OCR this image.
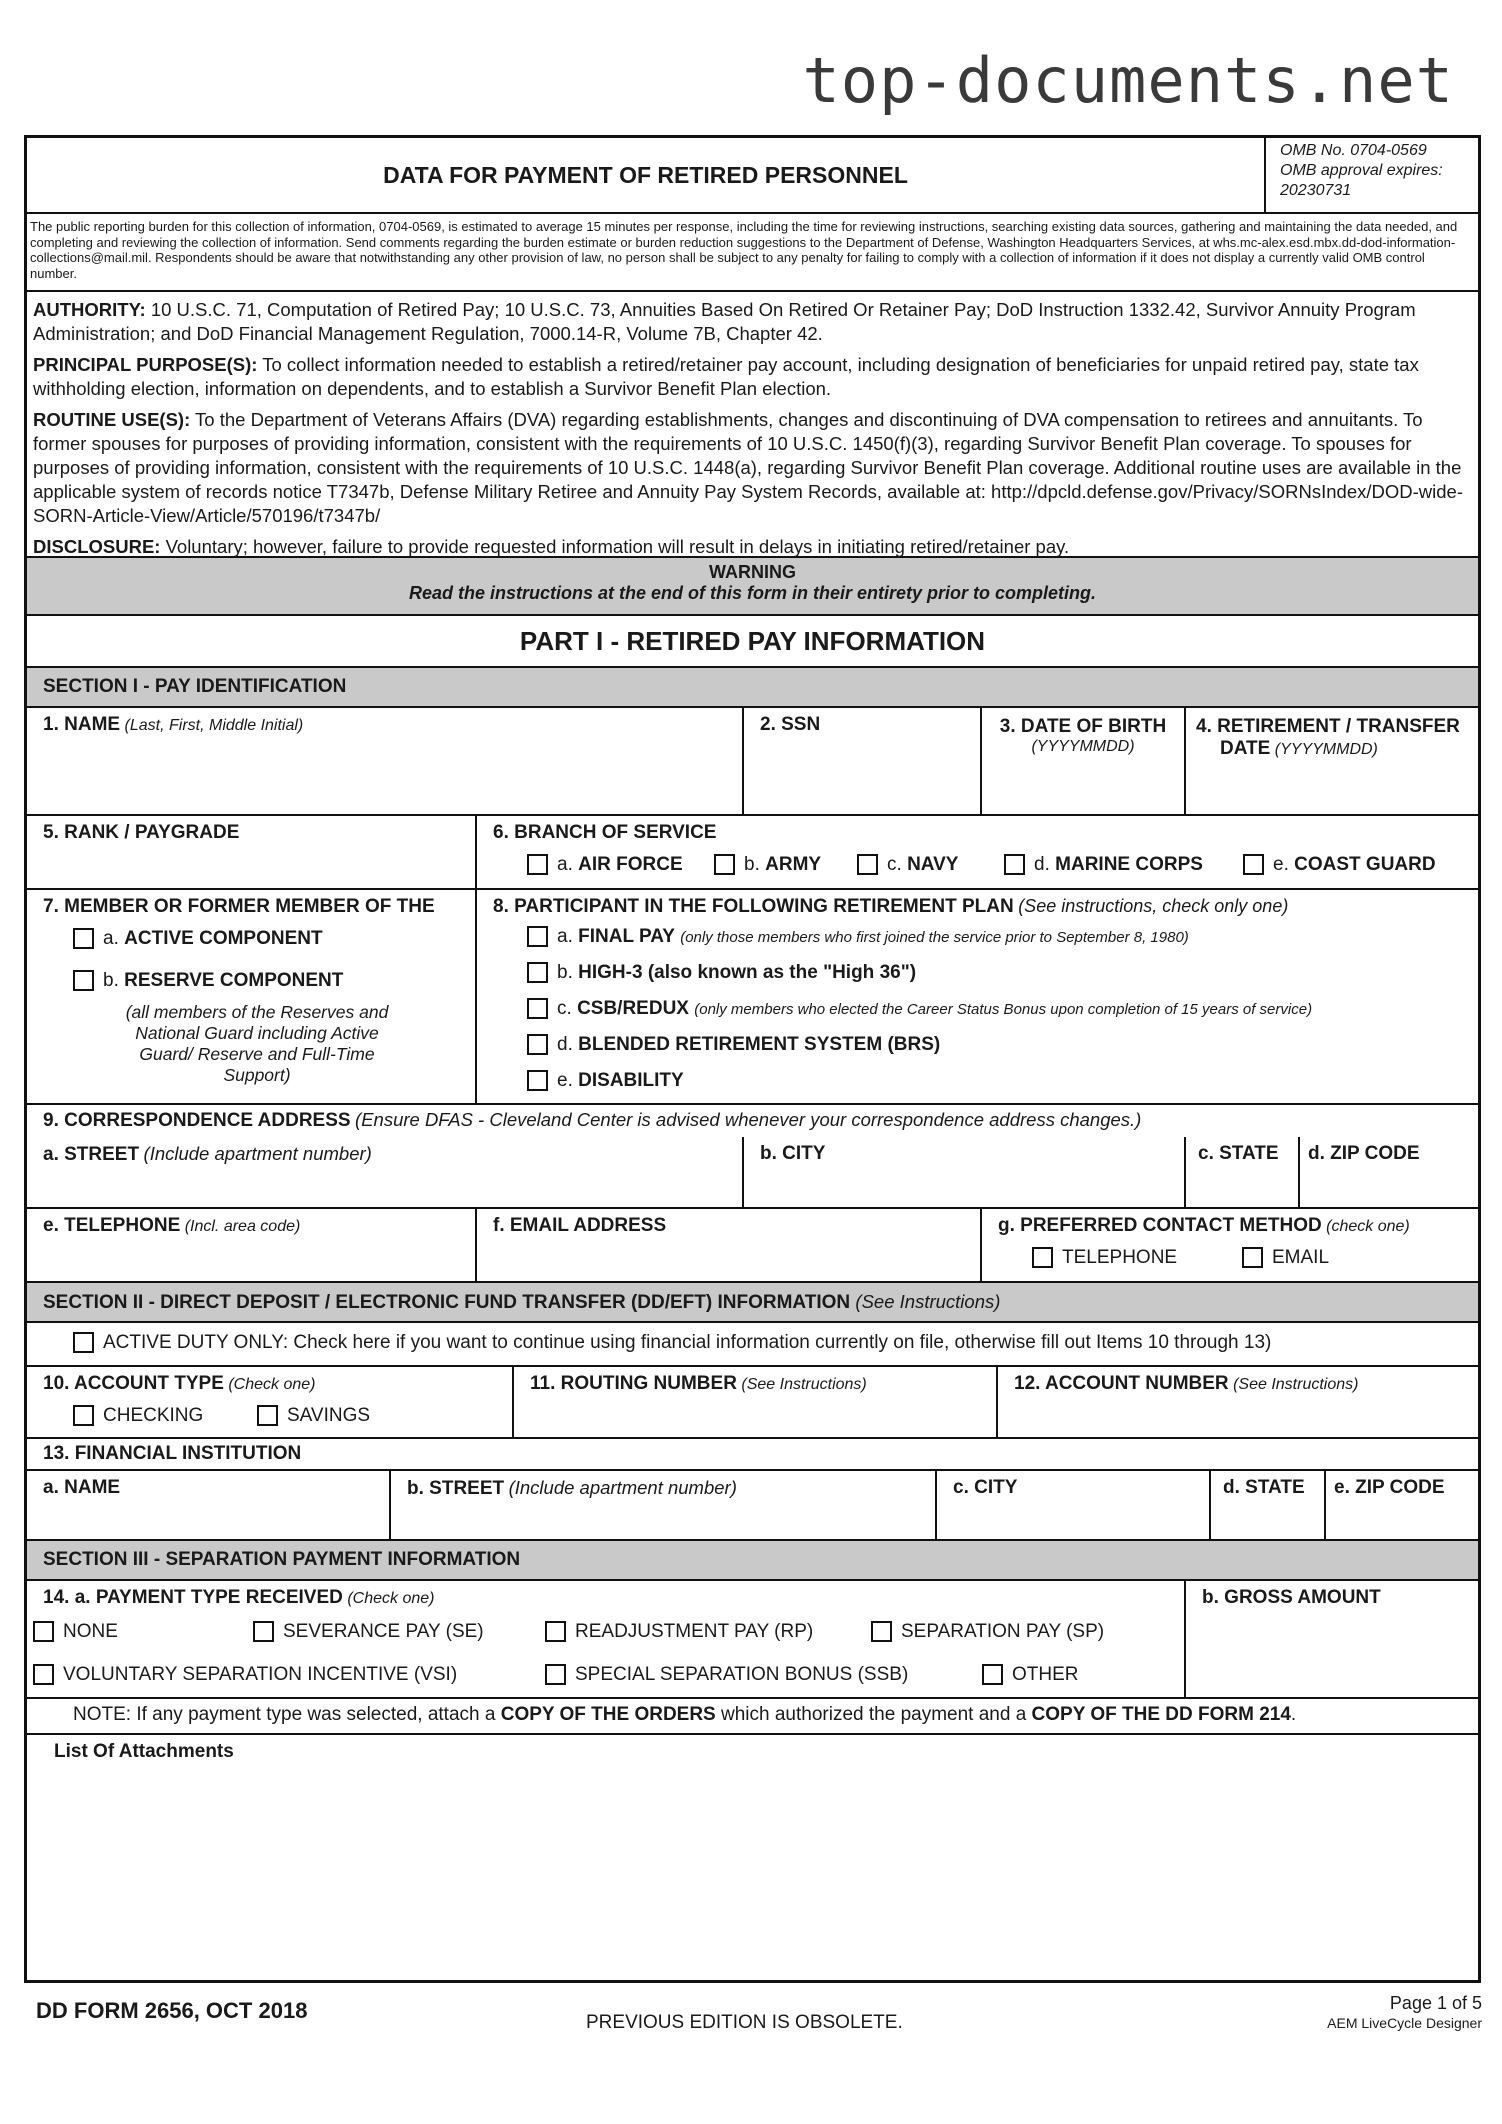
top-documents.net
DATA FOR PAYMENT OF RETIRED PERSONNEL
OMB No. 0704-0569
OMB approval expires:
20230731
The public reporting burden for this collection of information, 0704-0569, is estimated to average 15 minutes per response, including the time for reviewing instructions, searching existing data sources, gathering and maintaining the data needed, and completing and reviewing the collection of information. Send comments regarding the burden estimate or burden reduction suggestions to the Department of Defense, Washington Headquarters Services, at whs.mc-alex.esd.mbx.dd-dod-information-collections@mail.mil. Respondents should be aware that notwithstanding any other provision of law, no person shall be subject to any penalty for failing to comply with a collection of information if it does not display a currently valid OMB control number.

AUTHORITY: 10 U.S.C. 71, Computation of Retired Pay; 10 U.S.C. 73, Annuities Based On Retired Or Retainer Pay; DoD Instruction 1332.42, Survivor Annuity Program Administration; and DoD Financial Management Regulation, 7000.14-R, Volume 7B, Chapter 42.

PRINCIPAL PURPOSE(S): To collect information needed to establish a retired/retainer pay account, including designation of beneficiaries for unpaid retired pay, state tax withholding election, information on dependents, and to establish a Survivor Benefit Plan election.

ROUTINE USE(S): To the Department of Veterans Affairs (DVA) regarding establishments, changes and discontinuing of DVA compensation to retirees and annuitants. To former spouses for purposes of providing information, consistent with the requirements of 10 U.S.C. 1450(f)(3), regarding Survivor Benefit Plan coverage. To spouses for purposes of providing information, consistent with the requirements of 10 U.S.C. 1448(a), regarding Survivor Benefit Plan coverage. Additional routine uses are available in the applicable system of records notice T7347b, Defense Military Retiree and Annuity Pay System Records, available at: http://dpcld.defense.gov/Privacy/SORNsIndex/DOD-wide-SORN-Article-View/Article/570196/t7347b/

DISCLOSURE: Voluntary; however, failure to provide requested information will result in delays in initiating retired/retainer pay.

WARNING
Read the instructions at the end of this form in their entirety prior to completing.
PART I - RETIRED PAY INFORMATION
SECTION I - PAY IDENTIFICATION
1. NAME (Last, First, Middle Initial)	2. SSN	3. DATE OF BIRTH
(YYYYMMDD)
4. RETIREMENT / TRANSFER
DATE (YYYYMMDD)
5. RANK / PAYGRADE	6. BRANCH OF SERVICE
a. AIR FORCE	b. ARMY	c. NAVY	d. MARINE CORPS	e. COAST GUARD
7. MEMBER OR FORMER MEMBER OF THE
a. ACTIVE COMPONENT
b. RESERVE COMPONENT
(all members of the Reserves and National Guard including Active Guard/ Reserve and Full-Time Support)
8. PARTICIPANT IN THE FOLLOWING RETIREMENT PLAN (See instructions, check only one)
a. FINAL PAY (only those members who first joined the service prior to September 8, 1980)
b. HIGH-3 (also known as the "High 36")
c. CSB/REDUX (only members who elected the Career Status Bonus upon completion of 15 years of service)
d. BLENDED RETIREMENT SYSTEM (BRS)
e. DISABILITY
9. CORRESPONDENCE ADDRESS (Ensure DFAS - Cleveland Center is advised whenever your correspondence address changes.)
a. STREET (Include apartment number)	b. CITY	c. STATE	d. ZIP CODE
e. TELEPHONE (Incl. area code)	f. EMAIL ADDRESS	g. PREFERRED CONTACT METHOD (check one)
TELEPHONE	EMAIL
SECTION II - DIRECT DEPOSIT / ELECTRONIC FUND TRANSFER (DD/EFT) INFORMATION (See Instructions)
ACTIVE DUTY ONLY: Check here if you want to continue using financial information currently on file, otherwise fill out Items 10 through 13)
10. ACCOUNT TYPE (Check one)
CHECKING	SAVINGS
11. ROUTING NUMBER (See Instructions)	12. ACCOUNT NUMBER (See Instructions)
13. FINANCIAL INSTITUTION
a. NAME	b. STREET (Include apartment number)	c. CITY	d. STATE	e. ZIP CODE
SECTION III - SEPARATION PAYMENT INFORMATION
14. a. PAYMENT TYPE RECEIVED (Check one)
NONE	SEVERANCE PAY (SE)	READJUSTMENT PAY (RP)	SEPARATION PAY (SP)
VOLUNTARY SEPARATION INCENTIVE (VSI)	SPECIAL SEPARATION BONUS (SSB)	OTHER
b. GROSS AMOUNT
NOTE: If any payment type was selected, attach a COPY OF THE ORDERS which authorized the payment and a COPY OF THE DD FORM 214.
List Of Attachments
DD FORM 2656, OCT 2018	PREVIOUS EDITION IS OBSOLETE.
Page 1 of 5
AEM LiveCycle Designer
